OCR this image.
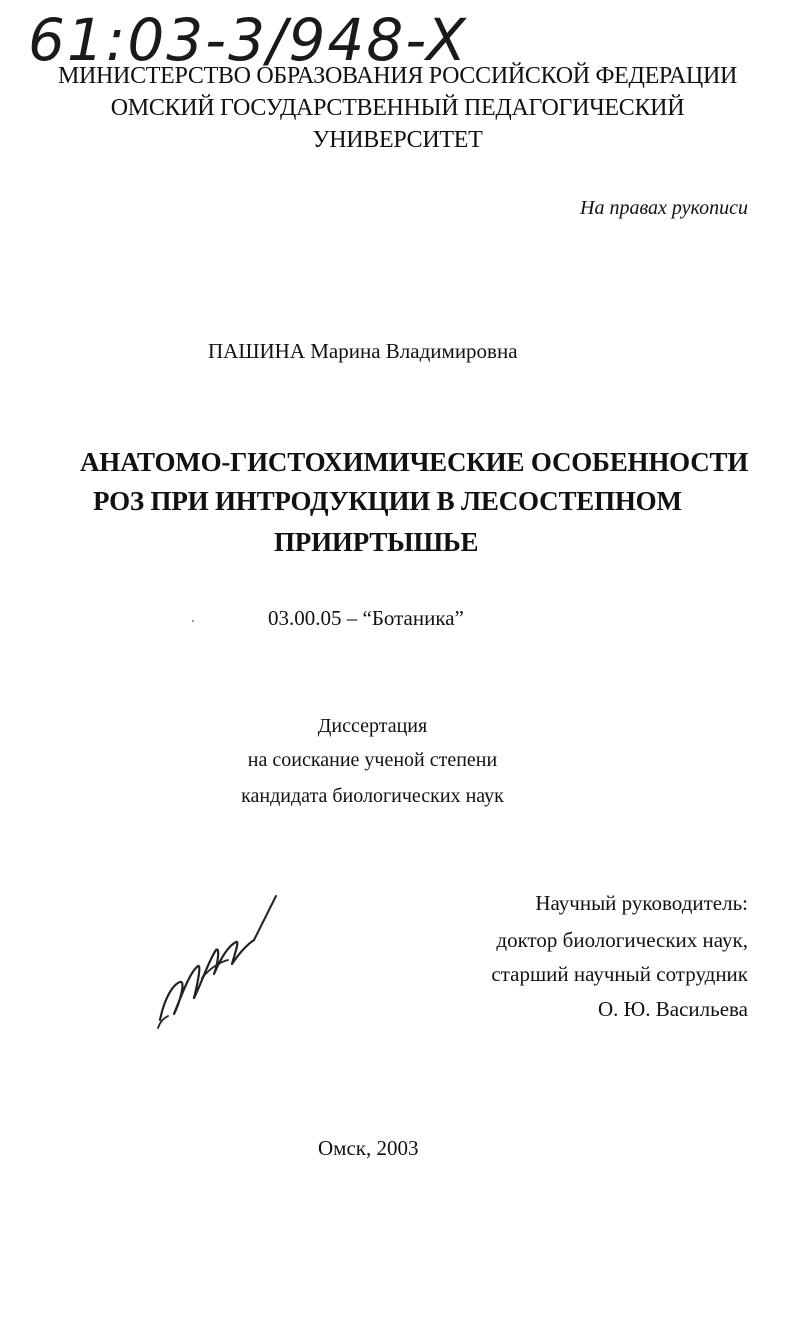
61:03-3/948-X
МИНИСТЕРСТВО ОБРАЗОВАНИЯ РОССИЙСКОЙ ФЕДЕРАЦИИ
ОМСКИЙ ГОСУДАРСТВЕННЫЙ ПЕДАГОГИЧЕСКИЙ
УНИВЕРСИТЕТ
На правах рукописи
ПАШИНА Марина Владимировна
АНАТОМО-ГИСТОХИМИЧЕСКИЕ ОСОБЕННОСТИ
РОЗ ПРИ ИНТРОДУКЦИИ В ЛЕСОСТЕПНОМ
ПРИИРТЫШЬЕ
03.00.05 – “Ботаника”
Диссертация
на соискание ученой степени
кандидата биологических наук
Научный руководитель:
доктор биологических наук,
старший научный сотрудник
О. Ю. Васильева
Омск, 2003
